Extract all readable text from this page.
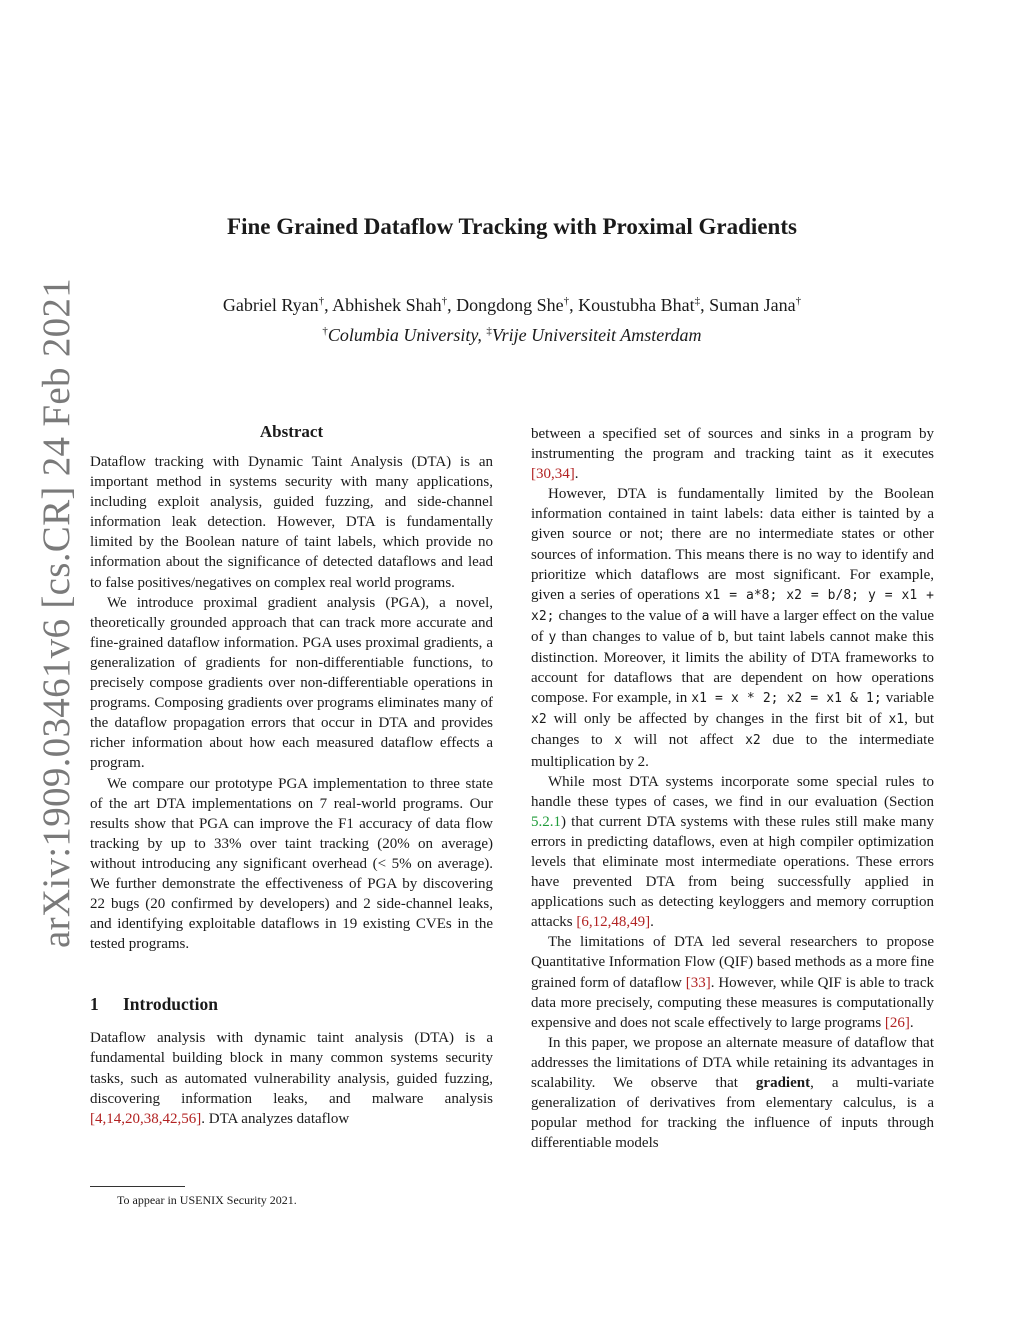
arXiv:1909.03461v6 [cs.CR] 24 Feb 2021
Fine Grained Dataflow Tracking with Proximal Gradients
Gabriel Ryan†, Abhishek Shah†, Dongdong She†, Koustubha Bhat‡, Suman Jana†
†Columbia University, ‡Vrije Universiteit Amsterdam
Abstract

Dataflow tracking with Dynamic Taint Analysis (DTA) is an important method in systems security with many applications, including exploit analysis, guided fuzzing, and side-channel information leak detection. However, DTA is fundamentally limited by the Boolean nature of taint labels, which provide no information about the significance of detected dataflows and lead to false positives/negatives on complex real world programs.

We introduce proximal gradient analysis (PGA), a novel, theoretically grounded approach that can track more accurate and fine-grained dataflow information. PGA uses proximal gradients, a generalization of gradients for non-differentiable functions, to precisely compose gradients over non-differentiable operations in programs. Composing gradients over programs eliminates many of the dataflow propagation errors that occur in DTA and provides richer information about how each measured dataflow effects a program.

We compare our prototype PGA implementation to three state of the art DTA implementations on 7 real-world programs. Our results show that PGA can improve the F1 accuracy of data flow tracking by up to 33% over taint tracking (20% on average) without introducing any significant overhead (< 5% on average). We further demonstrate the effectiveness of PGA by discovering 22 bugs (20 confirmed by developers) and 2 side-channel leaks, and identifying exploitable dataflows in 19 existing CVEs in the tested programs.

1 Introduction

Dataflow analysis with dynamic taint analysis (DTA) is a fundamental building block in many common systems security tasks, such as automated vulnerability analysis, guided fuzzing, discovering information leaks, and malware analysis [4,14,20,38,42,56]. DTA analyzes dataflow

between a specified set of sources and sinks in a program by instrumenting the program and tracking taint as it executes [30,34].

However, DTA is fundamentally limited by the Boolean information contained in taint labels: data either is tainted by a given source or not; there are no intermediate states or other sources of information. This means there is no way to identify and prioritize which dataflows are most significant. For example, given a series of operations x1 = a*8; x2 = b/8; y = x1 + x2; changes to the value of a will have a larger effect on the value of y than changes to value of b, but taint labels cannot make this distinction. Moreover, it limits the ability of DTA frameworks to account for dataflows that are dependent on how operations compose. For example, in x1 = x * 2; x2 = x1 & 1; variable x2 will only be affected by changes in the first bit of x1, but changes to x will not affect x2 due to the intermediate multiplication by 2.

While most DTA systems incorporate some special rules to handle these types of cases, we find in our evaluation (Section 5.2.1) that current DTA systems with these rules still make many errors in predicting dataflows, even at high compiler optimization levels that eliminate most intermediate operations. These errors have prevented DTA from being successfully applied in applications such as detecting keyloggers and memory corruption attacks [6,12,48,49].

The limitations of DTA led several researchers to propose Quantitative Information Flow (QIF) based methods as a more fine grained form of dataflow [33]. However, while QIF is able to track data more precisely, computing these measures is computationally expensive and does not scale effectively to large programs [26].

In this paper, we propose an alternate measure of dataflow that addresses the limitations of DTA while retaining its advantages in scalability. We observe that gradient, a multi-variate generalization of derivatives from elementary calculus, is a popular method for tracking the influence of inputs through differentiable models

To appear in USENIX Security 2021.
